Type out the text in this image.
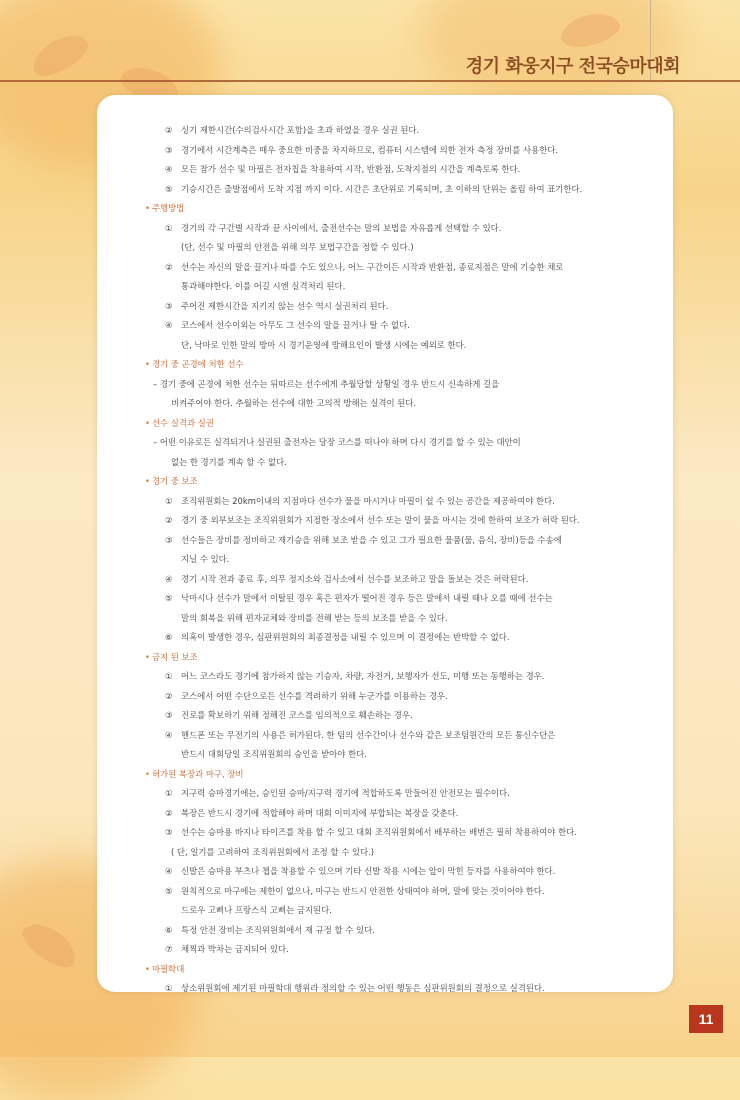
경기 화웅지구 전국승마대회
② 싱기 제한시간(수의검사시간 포함)을 초과 하였을 경우 실권 된다.
③ 경기에서 시간계측은 매우 중요한 비중을 차지하므로, 컴퓨터 시스템에 의한 전자 측정 장비를 사용한다.
④ 모든 참가 선수 및 마필은 전자칩을 착용하여 시작, 반환점, 도착지점의 시간을 계측토록 한다.
⑤ 기승시간은 출발점에서 도착 지점 까지 이다. 시간은 초단위로 기록되며, 초 이하의 단위는 올림 하여 표기한다.
• 주행방법
① 경기의 각 구간별 시작과 끝 사이에서, 출전선수는 말의 보법을 자유롭게 선택할 수 있다.
(단, 선수 및 마필의 안전을 위해 의무 보법구간을 정할 수 있다.)
② 선수는 자신의 말을 끌거나 따를 수도 있으나, 어느 구간이든 시작과 반환점, 종료지점은 말에 기승한 채로
통과해야한다. 이를 어길 시엔 실격처리 된다.
③ 주어진 제한시간을 지키지 않는 선수 역시 실권처리 된다.
④ 코스에서 선수이외는 아무도 그 선수의 말을 끌거나 탈 수 없다.
단, 낙마로 인한 말의 방마 시 경기운영에 방해요인이 발생 시에는 예외로 한다.
• 경기 중 곤경에 처한 선수
– 경기 중에 곤경에 처한 선수는 뒤따르는 선수에게 추월당할 상황일 경우 반드시 신속하게 길을
비켜주어야 한다. 추월하는 선수에 대한 고의적 방해는 실격이 된다.
• 선수 실격과 실권
– 어떤 이유로든 실격되거나 실권된 출전자는 당장 코스를 떠나야 하며 다시 경기를 할 수 있는 대안이
없는 한 경기를 계속 할 수 없다.
• 경기 중 보조
① 조직위원회는 20km이내의 지점마다 선수가 물을 마시거나 마필이 쉴 수 있는 공간을 제공하여야 한다.
② 경기 중 외부보조는 조직위원회가 지정한 장소에서 선수 또는 말이 물을 마시는 것에 한하여 보조가 허락 된다.
③ 선수들은 장비를 정비하고 재기승을 위해 보조 받을 수 있고 그가 필요한 물품(물, 음식, 장비)등을 수송에
지닐 수 있다.
④ 경기 시작 전과 종료 후, 의무 정지소와 검사소에서 선수를 보조하고 말을 돌보는 것은 허락된다.
⑤ 낙마시나 선수가 말에서 이탈된 경우 혹은 편자가 떨어진 경우 등은 말에서 내릴 때나 오를 때에 선수는
말의 회복을 위해 편자교체와 장비를 전해 받는 등의 보조를 받을 수 있다.
⑥ 의혹이 발생한 경우, 심판위원회의 최종결정을 내릴 수 있으며 이 결정에는 반박할 수 없다.
• 금지 된 보조
① 어느 코스라도 경기에 참가하지 않는 기승자, 차량, 자전거, 보행자가 선도, 미행 또는 동행하는 경우.
② 코스에서 어떤 수단으로든 선수를 격려하기 위해 누군가를 이용하는 경우.
③ 진로를 확보하기 위해 정해진 코스를 임의적으로 훼손하는 경우.
④ 핸드폰 또는 무전기의 사용은 허가된다. 한 팀의 선수간이나 선수와 같은 보조팀원간의 모든 통신수단은
반드시 대회당일 조직위원회의 승인을 받아야 한다.
• 허가된 복장과 마구, 장비
① 지구력 승마경기에는, 승인된 승마/지구력 경기에 적합하도록 만들어진 안전모는 필수이다.
② 복장은 반드시 경기에 적합해야 하며 대회 이미지에 부합되는 복장을 갖춘다.
③ 선수는 승마용 바지나 타이즈를 착용 할 수 있고 대회 조직위원회에서 배부하는 배번은 필히 착용하여야 한다.
( 단, 일기를 고려하여 조직위원회에서 조정 할 수 있다.)
④ 신발은 승마용 부츠나 챕을 착용할 수 있으며 기타 신발 착용 시에는 앞이 막힌 등자를 사용하여야 한다.
⑤ 원칙적으로 마구에는 제한이 없으나, 마구는 반드시 안전한 상태여야 하며, 말에 맞는 것이어야 한다.
드로우 고삐나 프랑스식 고삐는 금지된다.
⑥ 특정 안전 장비는 조직위원회에서 재 규정 할 수 있다.
⑦ 채찍과 박차는 금지되어 있다.
• 마필학대
① 상소위원회에 제기된 마필학대 행위라 정의할 수 있는 어떤 행동은 심판위원회의 결정으로 실격된다.
11
